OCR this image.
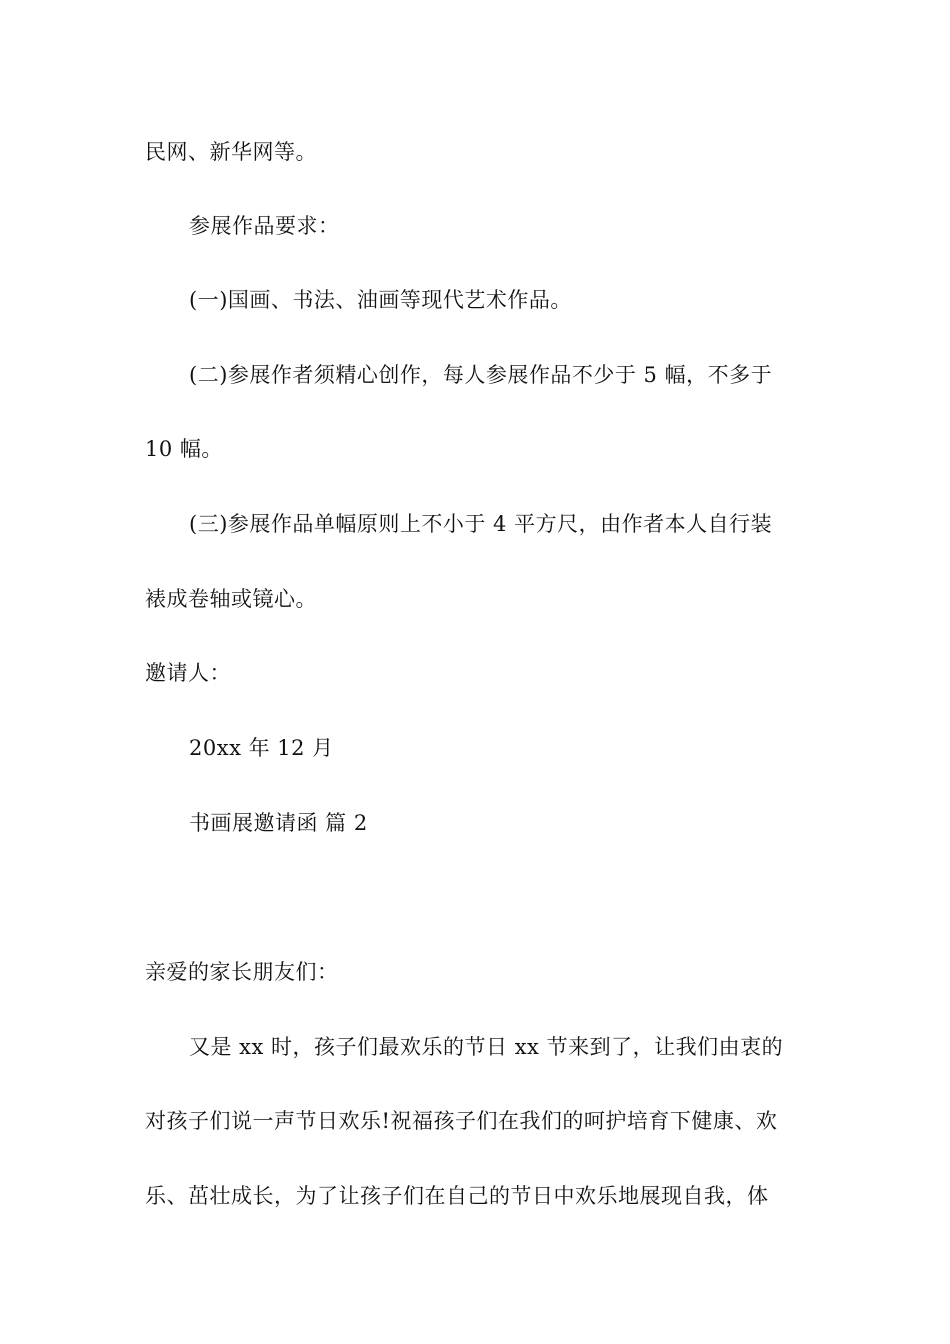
民网、新华网等。
参展作品要求：
(一)国画、书法、油画等现代艺术作品。
(二)参展作者须精心创作，每人参展作品不少于 5 幅，不多于
10 幅。
(三)参展作品单幅原则上不小于 4 平方尺，由作者本人自行装
裱成卷轴或镜心。
邀请人：
20xx 年 12 月
书画展邀请函 篇 2
亲爱的家长朋友们：
又是 xx 时，孩子们最欢乐的节日 xx 节来到了，让我们由衷的
对孩子们说一声节日欢乐!祝福孩子们在我们的呵护培育下健康、欢
乐、茁壮成长，为了让孩子们在自己的节日中欢乐地展现自我，体
